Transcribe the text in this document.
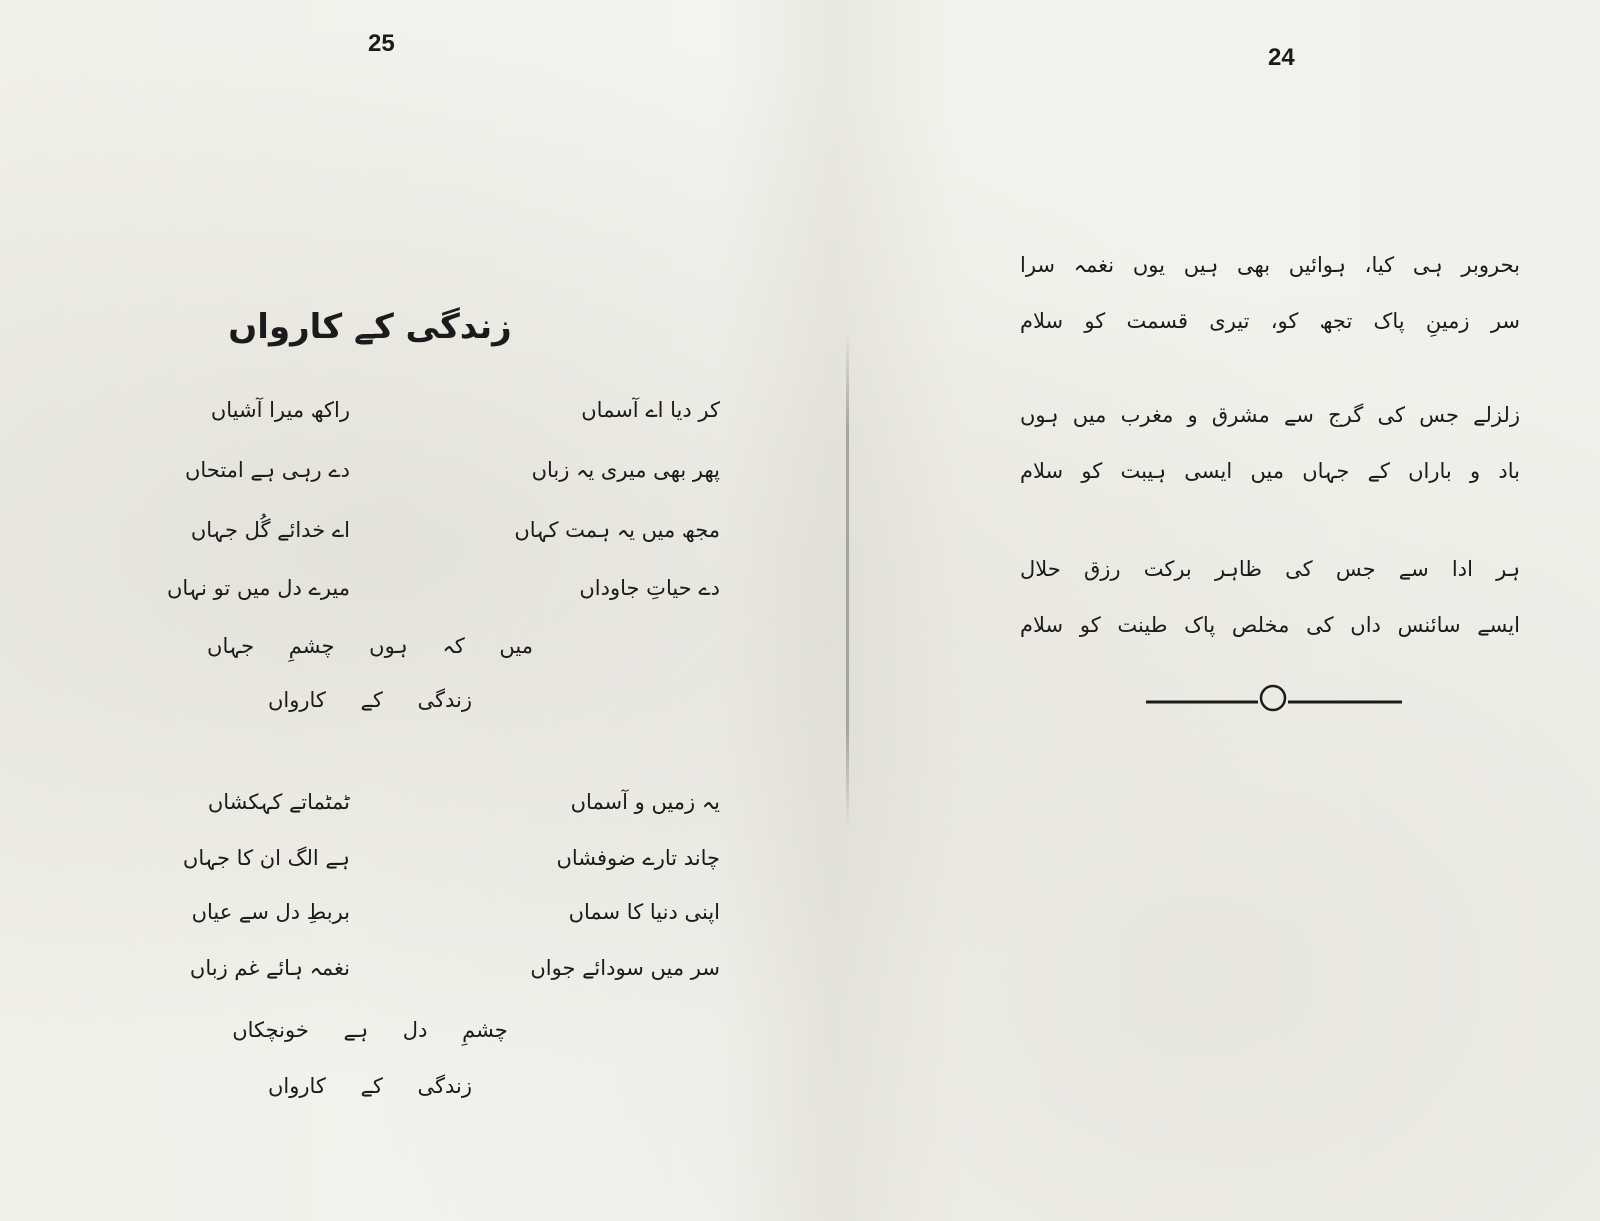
25
زندگی کے کارواں
کر دیا اے آسماں
راکھ میرا آشیاں
پھر بھی میری یہ زباں
دے رہی ہے امتحاں
مجھ میں یہ ہمت کہاں
اے خدائے گُل جہاں
دے حیاتِ جاوداں
میرے دل میں تو نہاں
میں کہ ہوں چشمِ جہاں
زندگی کے کارواں
یہ زمیں و آسماں
ٹمٹماتے کہکشاں
چاند تارے ضوفشاں
ہے الگ ان کا جہاں
اپنی دنیا کا سماں
بربطِ دل سے عیاں
سر میں سودائے جواں
نغمہ ہائے غم زباں
چشمِ دل ہے خونچکاں
زندگی کے کارواں
24
بحروبر ہی کیا، ہوائیں بھی ہیں یوں نغمہ سرا
سر زمینِ پاک تجھ کو، تیری قسمت کو سلام
زلزلے جس کی گرج سے مشرق و مغرب میں ہوں
باد و باراں کے جہاں میں ایسی ہیبت کو سلام
ہر ادا سے جس کی ظاہر برکت رزق حلال
ایسے سائنس داں کی مخلص پاک طینت کو سلام
